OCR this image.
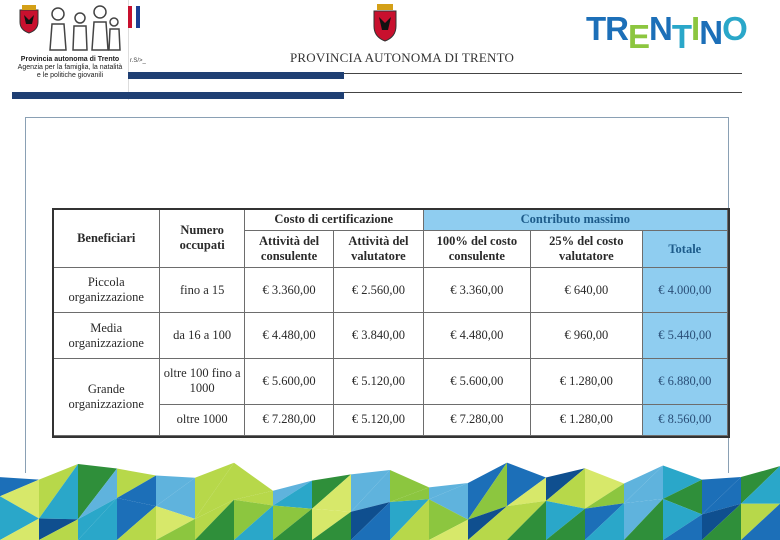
Provincia autonoma di Trento
Agenzia per la famiglia, la natalità
e le politiche giovanili
r.S/>_	PROVINCIA AUTONOMA DI TRENTO
TRENTINO
Beneficiari	Numero occupati	Costo di certificazione		Contributo massimo		
		Attività del consulente	Attività del valutatore	100% del costo consulente	25% del costo valutatore	Totale
Piccola organizzazione	fino a 15	€ 3.360,00	€ 2.560,00	€ 3.360,00	€ 640,00	€ 4.000,00
Media organizzazione	da 16 a 100	€ 4.480,00	€ 3.840,00	€ 4.480,00	€ 960,00	€ 5.440,00
Grande organizzazione	oltre 100 fino a 1000	€ 5.600,00	€ 5.120,00	€ 5.600,00	€ 1.280,00	€ 6.880,00
	oltre 1000	€ 7.280,00	€ 5.120,00	€ 7.280,00	€ 1.280,00	€ 8.560,00
